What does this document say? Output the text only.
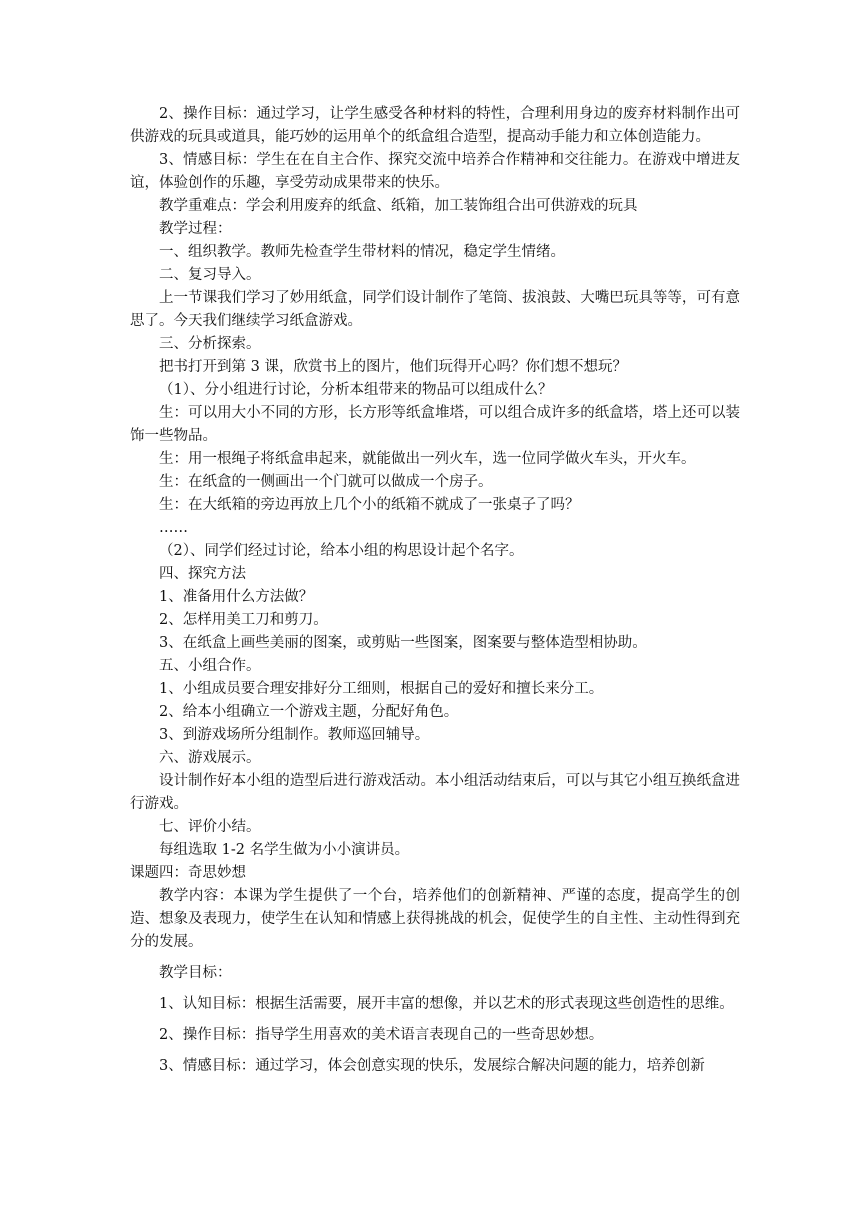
2、操作目标：通过学习，让学生感受各种材料的特性，合理利用身边的废弃材料制作出可供游戏的玩具或道具，能巧妙的运用单个的纸盒组合造型，提高动手能力和立体创造能力。

3、情感目标：学生在在自主合作、探究交流中培养合作精神和交往能力。在游戏中增进友谊，体验创作的乐趣，享受劳动成果带来的快乐。

教学重难点：学会利用废弃的纸盒、纸箱，加工装饰组合出可供游戏的玩具

教学过程：

一、组织教学。教师先检查学生带材料的情况，稳定学生情绪。

二、复习导入。

上一节课我们学习了妙用纸盒，同学们设计制作了笔筒、拔浪鼓、大嘴巴玩具等等，可有意思了。今天我们继续学习纸盒游戏。

三、分析探索。

把书打开到第 3 课，欣赏书上的图片，他们玩得开心吗？你们想不想玩？

（1）、分小组进行讨论，分析本组带来的物品可以组成什么？

生：可以用大小不同的方形，长方形等纸盒堆塔，可以组合成许多的纸盒塔，塔上还可以装饰一些物品。

生：用一根绳子将纸盒串起来，就能做出一列火车，选一位同学做火车头，开火车。

生：在纸盒的一侧画出一个门就可以做成一个房子。

生：在大纸箱的旁边再放上几个小的纸箱不就成了一张桌子了吗？

……

（2）、同学们经过讨论，给本小组的构思设计起个名字。

四、探究方法

1、准备用什么方法做？

2、怎样用美工刀和剪刀。

3、在纸盒上画些美丽的图案，或剪贴一些图案，图案要与整体造型相协助。

五、小组合作。

1、小组成员要合理安排好分工细则，根据自己的爱好和擅长来分工。

2、给本小组确立一个游戏主题，分配好角色。

3、到游戏场所分组制作。教师巡回辅导。

六、游戏展示。

设计制作好本小组的造型后进行游戏活动。本小组活动结束后，可以与其它小组互换纸盒进行游戏。

七、评价小结。

每组选取 1-2 名学生做为小小演讲员。

课题四：奇思妙想

教学内容：本课为学生提供了一个台，培养他们的创新精神、严谨的态度，提高学生的创造、想象及表现力，使学生在认知和情感上获得挑战的机会，促使学生的自主性、主动性得到充分的发展。

教学目标：

1、认知目标：根据生活需要，展开丰富的想像，并以艺术的形式表现这些创造性的思维。

2、操作目标：指导学生用喜欢的美术语言表现自己的一些奇思妙想。

3、情感目标：通过学习，体会创意实现的快乐，发展综合解决问题的能力，培养创新
